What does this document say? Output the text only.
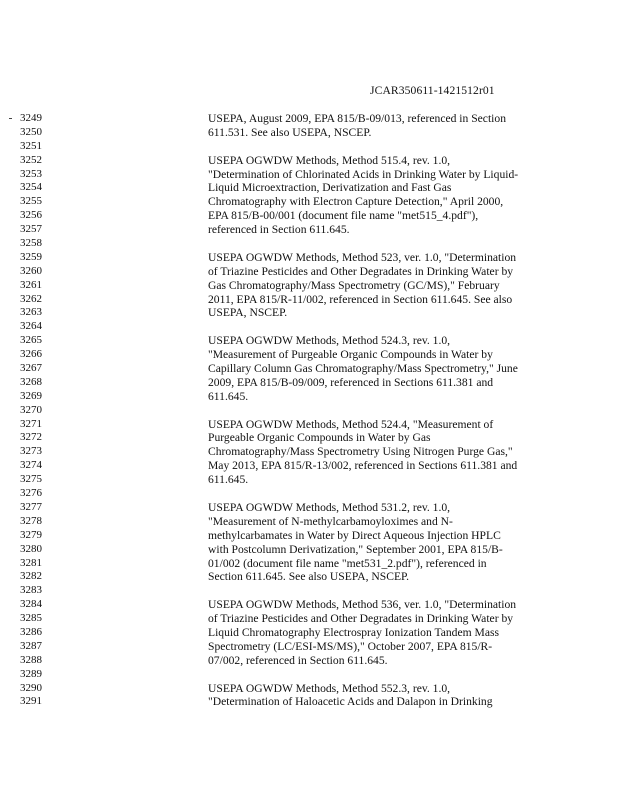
JCAR350611-1421512r01
3249	USEPA, August 2009, EPA 815/B-09/013, referenced in Section
3250	611.531. See also USEPA, NSCEP.
3251
3252	USEPA OGWDW Methods, Method 515.4, rev. 1.0,
3253	"Determination of Chlorinated Acids in Drinking Water by Liquid-
3254	Liquid Microextraction, Derivatization and Fast Gas
3255	Chromatography with Electron Capture Detection," April 2000,
3256	EPA 815/B-00/001 (document file name "met515_4.pdf"),
3257	referenced in Section 611.645.
3258
3259	USEPA OGWDW Methods, Method 523, ver. 1.0, "Determination
3260	of Triazine Pesticides and Other Degradates in Drinking Water by
3261	Gas Chromatography/Mass Spectrometry (GC/MS)," February
3262	2011, EPA 815/R-11/002, referenced in Section 611.645. See also
3263	USEPA, NSCEP.
3264
3265	USEPA OGWDW Methods, Method 524.3, rev. 1.0,
3266	"Measurement of Purgeable Organic Compounds in Water by
3267	Capillary Column Gas Chromatography/Mass Spectrometry," June
3268	2009, EPA 815/B-09/009, referenced in Sections 611.381 and
3269	611.645.
3270
3271	USEPA OGWDW Methods, Method 524.4, "Measurement of
3272	Purgeable Organic Compounds in Water by Gas
3273	Chromatography/Mass Spectrometry Using Nitrogen Purge Gas,"
3274	May 2013, EPA 815/R-13/002, referenced in Sections 611.381 and
3275	611.645.
3276
3277	USEPA OGWDW Methods, Method 531.2, rev. 1.0,
3278	"Measurement of N-methylcarbamoyloximes and N-
3279	methylcarbamates in Water by Direct Aqueous Injection HPLC
3280	with Postcolumn Derivatization," September 2001, EPA 815/B-
3281	01/002 (document file name "met531_2.pdf"), referenced in
3282	Section 611.645. See also USEPA, NSCEP.
3283
3284	USEPA OGWDW Methods, Method 536, ver. 1.0, "Determination
3285	of Triazine Pesticides and Other Degradates in Drinking Water by
3286	Liquid Chromatography Electrospray Ionization Tandem Mass
3287	Spectrometry (LC/ESI-MS/MS)," October 2007, EPA 815/R-
3288	07/002, referenced in Section 611.645.
3289
3290	USEPA OGWDW Methods, Method 552.3, rev. 1.0,
3291	"Determination of Haloacetic Acids and Dalapon in Drinking
